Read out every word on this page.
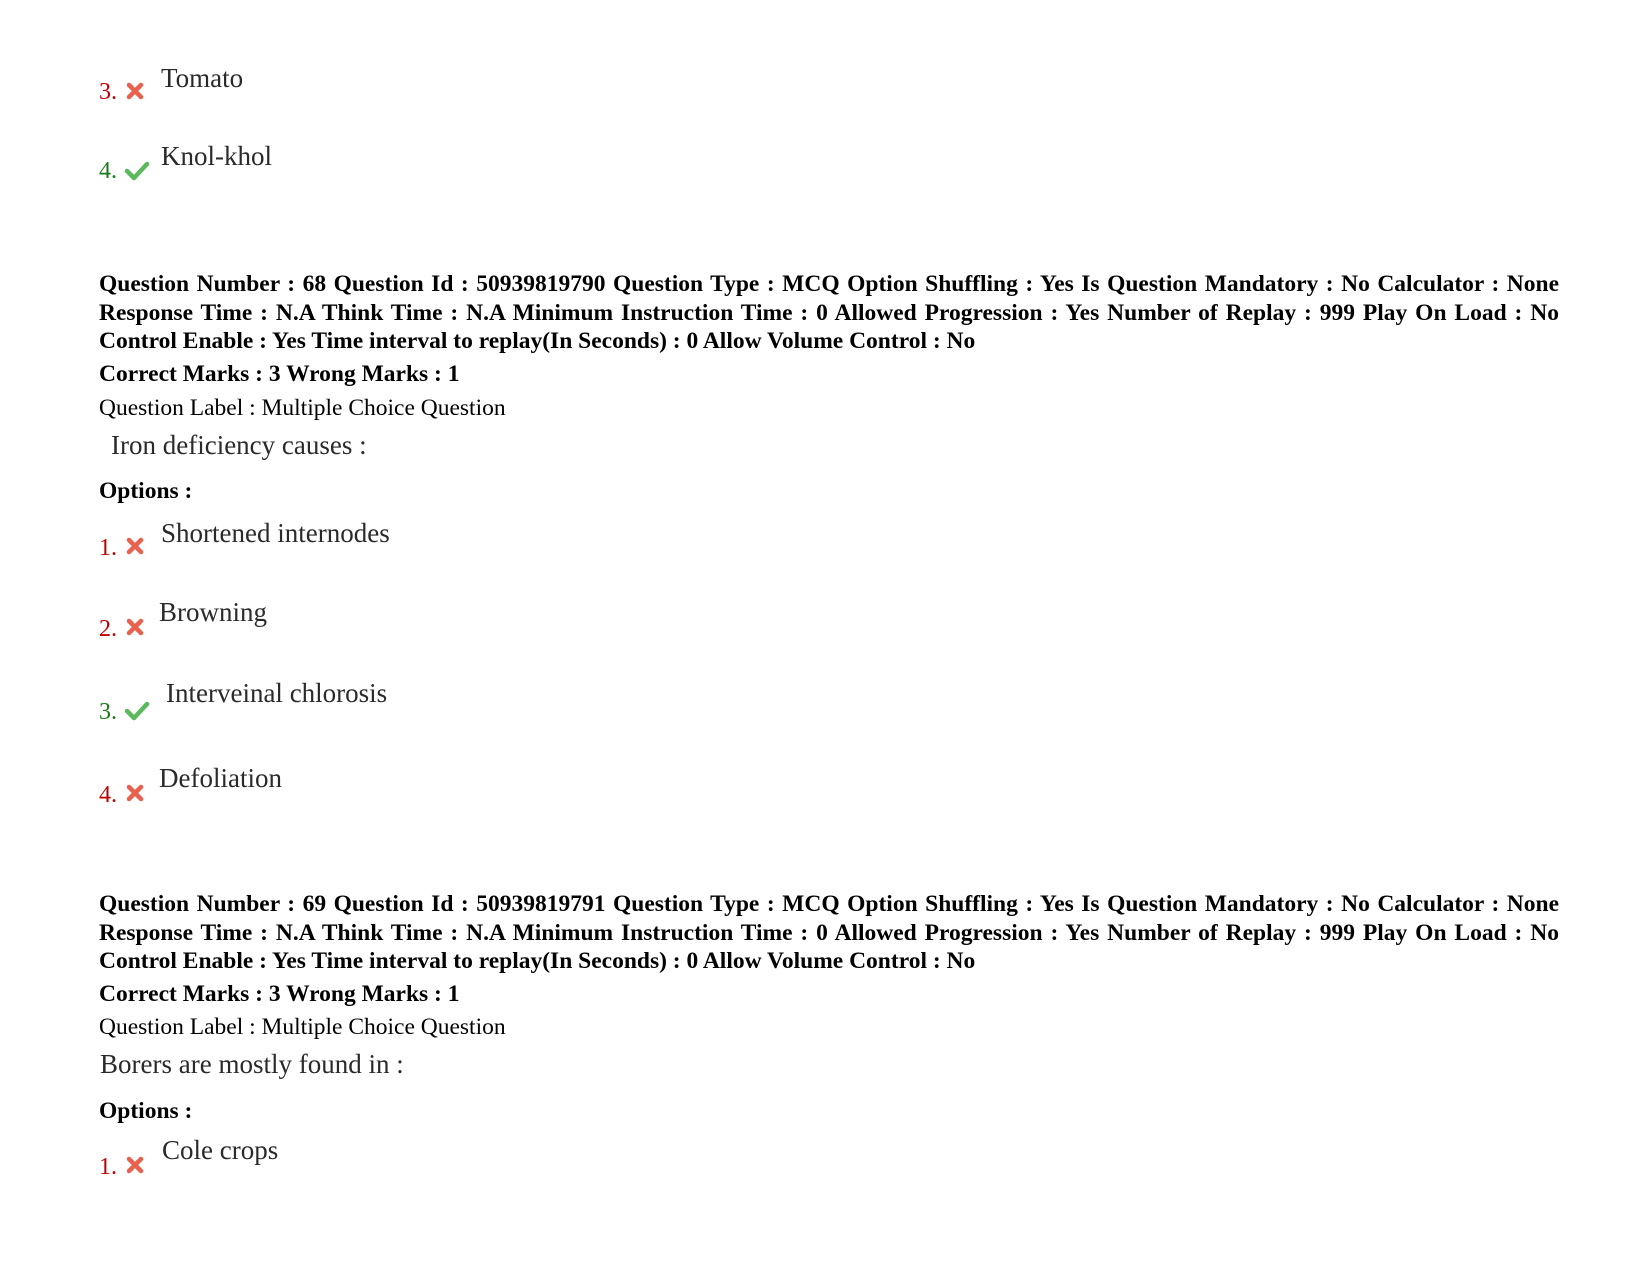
3. Tomato
4. Knol-khol
Question Number : 68 Question Id : 50939819790 Question Type : MCQ Option Shuffling : Yes Is Question Mandatory : No Calculator : None Response Time : N.A Think Time : N.A Minimum Instruction Time : 0 Allowed Progression : Yes Number of Replay : 999 Play On Load : No Control Enable : Yes Time interval to replay(In Seconds) : 0 Allow Volume Control : No
Correct Marks : 3 Wrong Marks : 1
Question Label : Multiple Choice Question
Iron deficiency causes :
Options :
1. Shortened internodes
2.
Browning
3.
Interveinal chlorosis
4.
Defoliation
Question Number : 69 Question Id : 50939819791 Question Type : MCQ Option Shuffling : Yes Is Question Mandatory : No Calculator : None Response Time : N.A Think Time : N.A Minimum Instruction Time : 0 Allowed Progression : Yes Number of Replay : 999 Play On Load : No Control Enable : Yes Time interval to replay(In Seconds) : 0 Allow Volume Control : No
Correct Marks : 3 Wrong Marks : 1
Question Label : Multiple Choice Question
Borers are mostly found in :
Options :
1.
Cole crops
